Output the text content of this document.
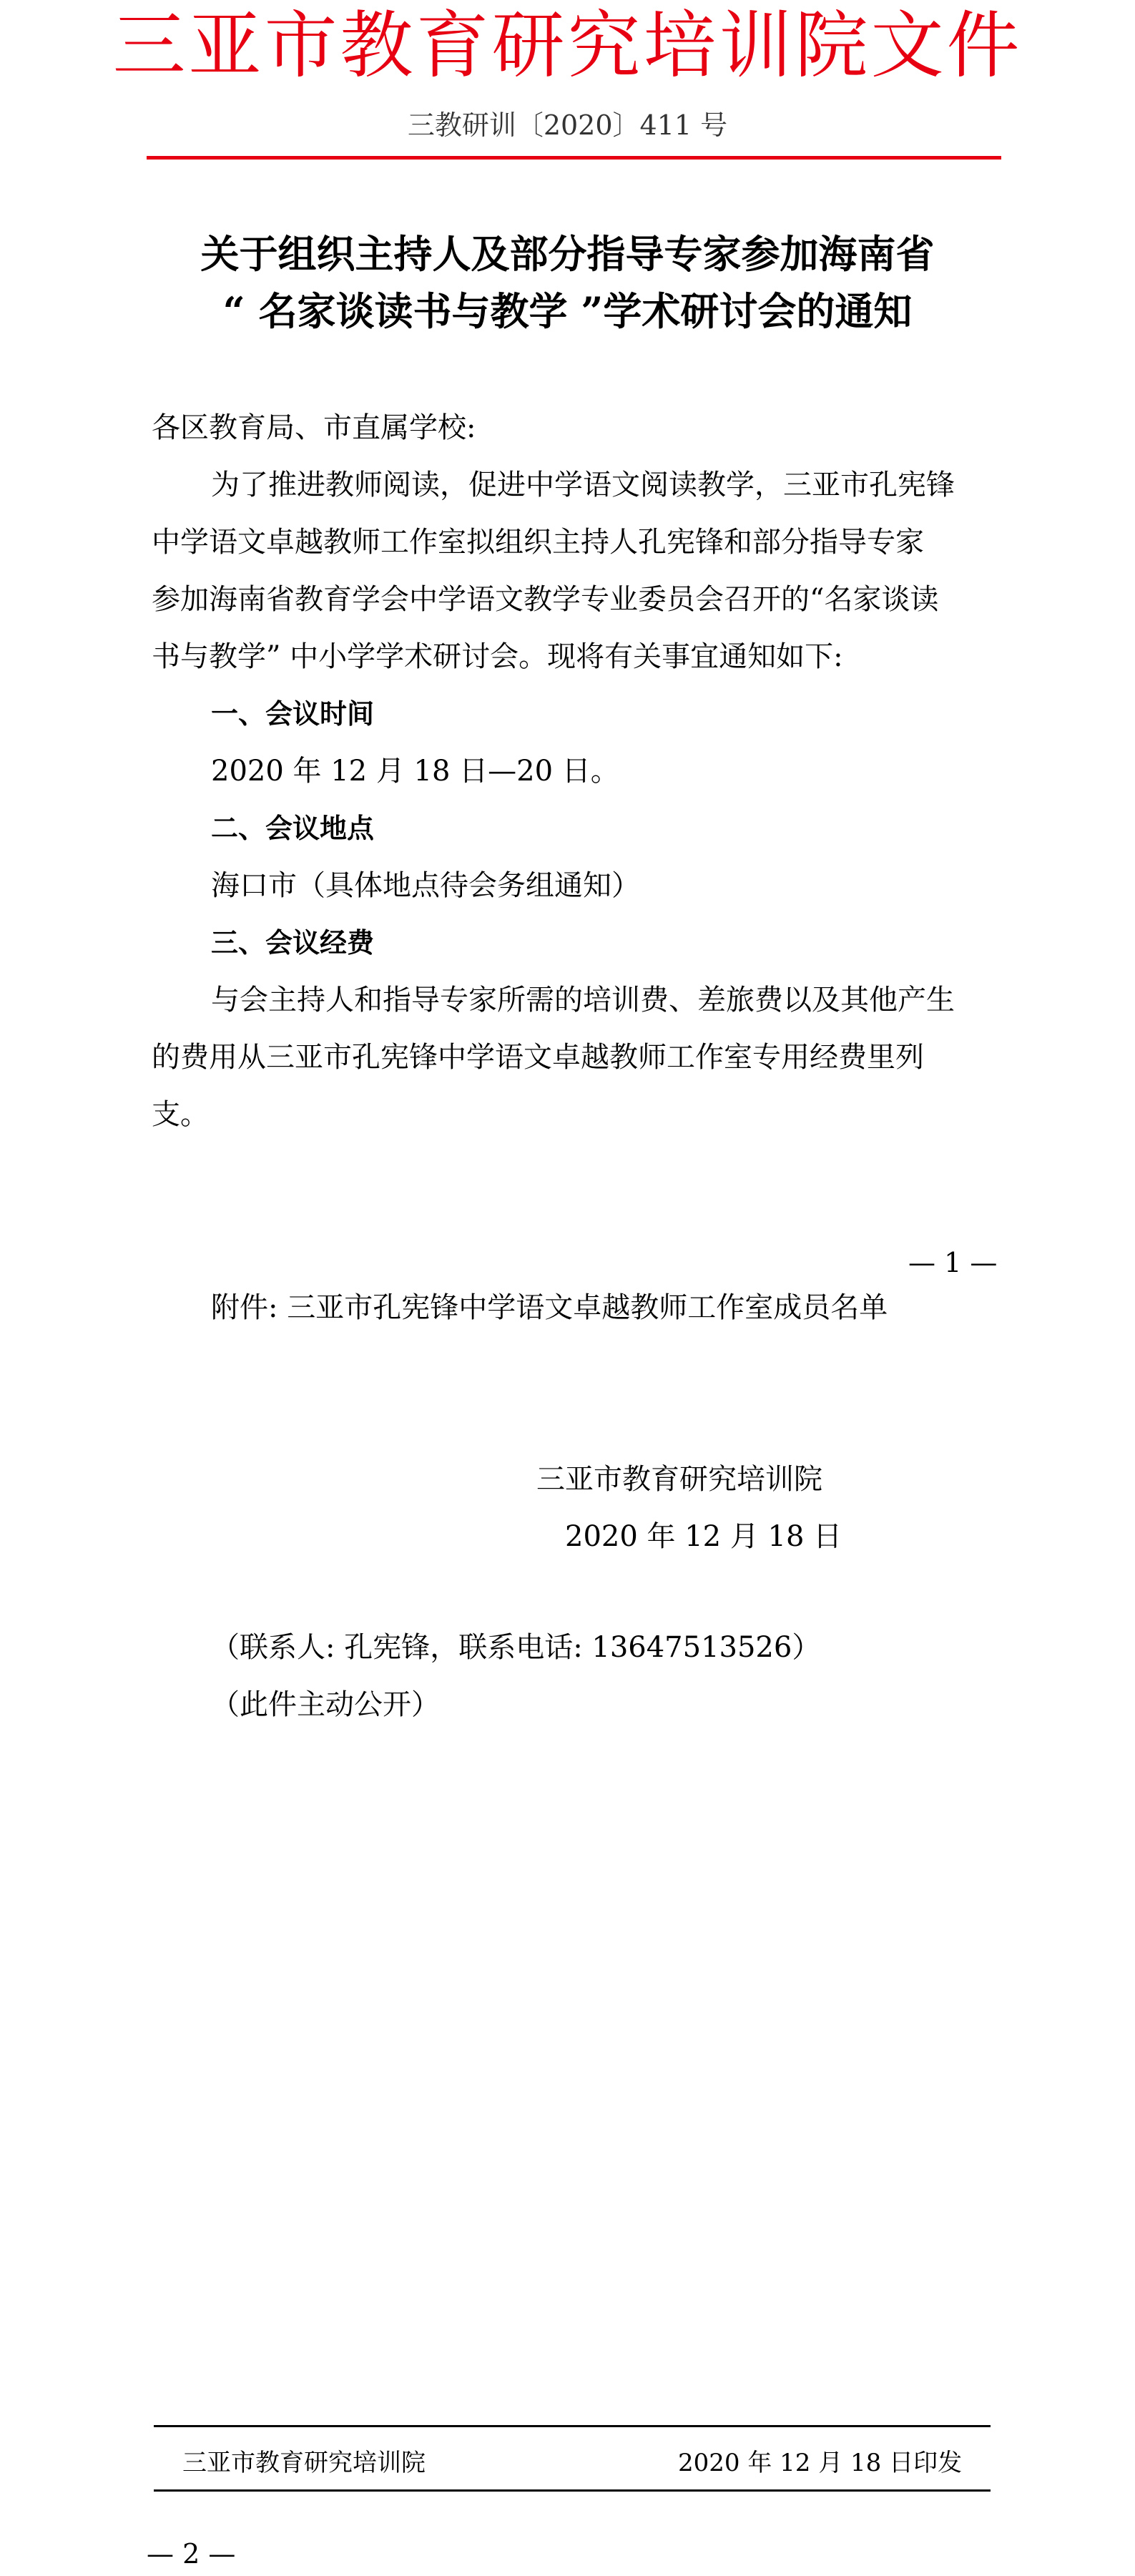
三亚市教育研究培训院文件
三教研训〔2020〕411 号
关于组织主持人及部分指导专家参加海南省
“ 名家谈读书与教学 ”学术研讨会的通知
各区教育局、市直属学校:
为了推进教师阅读，促进中学语文阅读教学，三亚市孔宪锋
中学语文卓越教师工作室拟组织主持人孔宪锋和部分指导专家
参加海南省教育学会中学语文教学专业委员会召开的“名家谈读
书与教学” 中小学学术研讨会。现将有关事宜通知如下:
一、会议时间
2020 年 12 月 18 日—20 日。
二、会议地点
海口市（具体地点待会务组通知）
三、会议经费
与会主持人和指导专家所需的培训费、差旅费以及其他产生
的费用从三亚市孔宪锋中学语文卓越教师工作室专用经费里列
支。
— 1 —
附件: 三亚市孔宪锋中学语文卓越教师工作室成员名单
三亚市教育研究培训院
2020 年 12 月 18 日
（联系人: 孔宪锋，联系电话: 13647513526）
（此件主动公开）
三亚市教育研究培训院	2020 年 12 月 18 日印发
— 2 —
